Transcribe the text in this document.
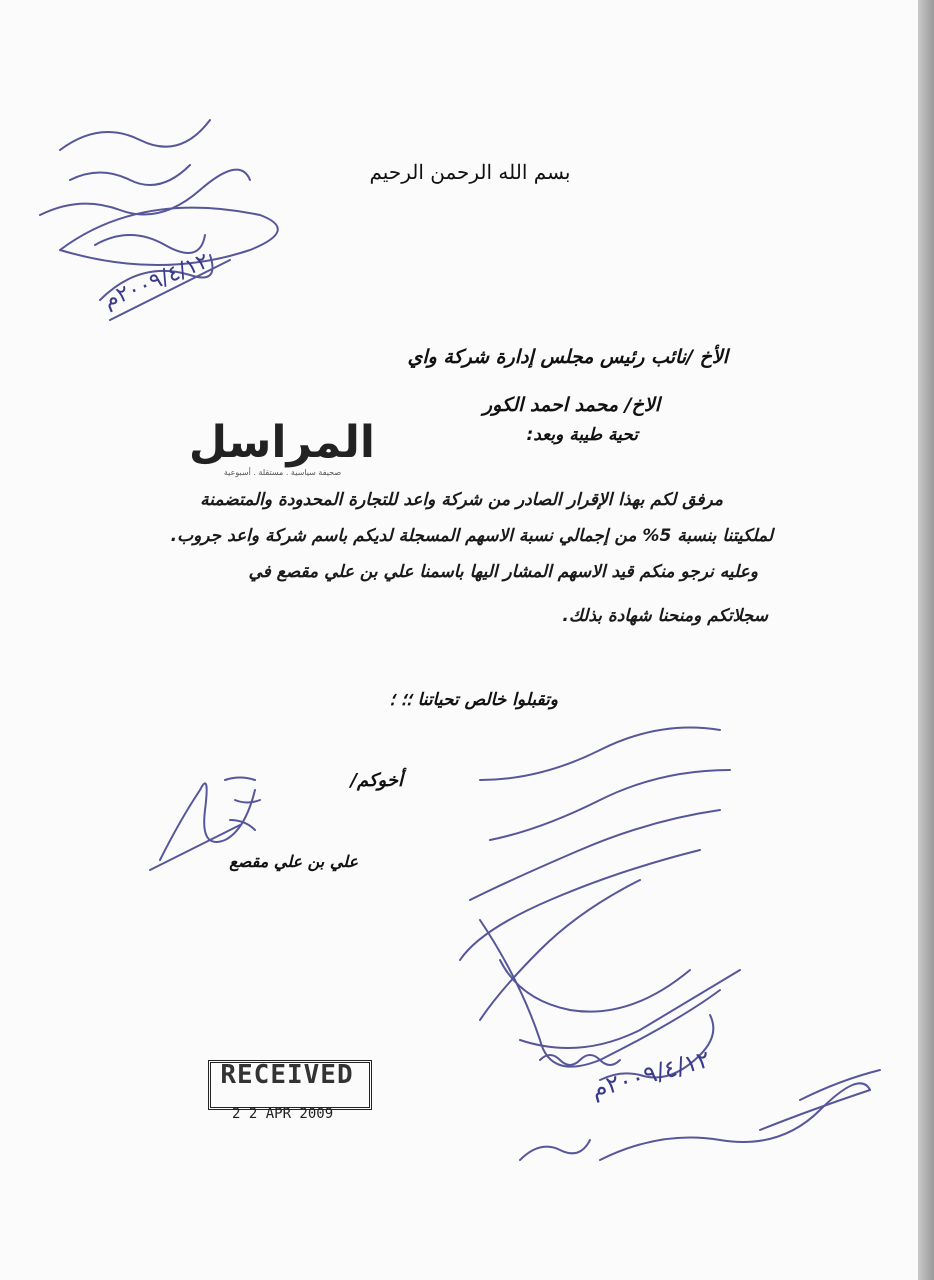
بسم الله الرحمن الرحيم
الأخ /نائب رئيس مجلس إدارة شركة واي
الاخ/ محمد احمد الكور
تحية طيبة وبعد:
المراسل
صحيفة سياسية . مستقلة . أسبوعية
مرفق لكم بهذا الإقرار الصادر من شركة واعد للتجارة المحدودة والمتضمنة
لملكيتنا بنسبة 5% من إجمالي نسبة الاسهم المسجلة لديكم باسم شركة واعد جروب.
وعليه نرجو منكم قيد الاسهم المشار اليها باسمنا علي بن علي مقصع في
سجلاتكم ومنحنا شهادة بذلك.
وتقبلوا خالص تحياتنا ؛؛ ؛
أخوكم/
علي بن علي مقصع
٢٠٠٩/٤/١٢م
٢٠٠٩/٤/١٢م
RECEIVED
2 2 APR 2009
